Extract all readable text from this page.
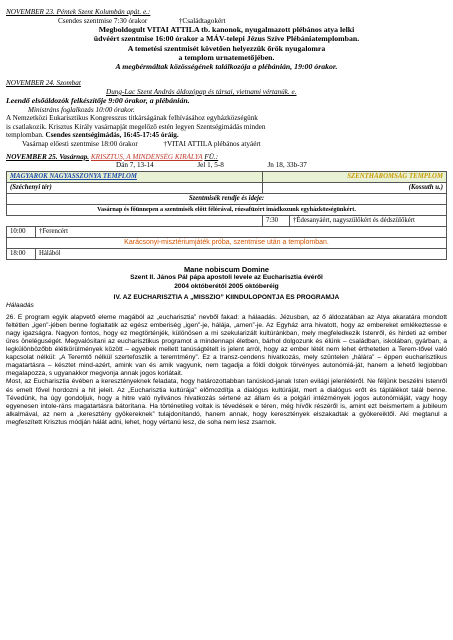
NOVEMBER 23. Péntek Szent Kolumbán apát. e.:
Csendes szentmise 7:30 órakor	†Családtagokért
Megboldogult VITAI ATTILA tb. kanonok, nyugalmazott plébános atya lelki
üdvéért szentmise 16:00 órakor a MÁV-telepi Jézus Szíve Plébániatemplomban.
A temetési szentmisét követően helyezzük őrök nyugalomra
a templom urnatemetőjében.
A megbérmáltak közösségének találkozója a plébánián, 19:00 órakor.
NOVEMBER 24. Szombat
Dung-Lac Szent András áldozópap és társai, vietnami vértanúk. e.
Leendő elsőáldozók felkészítője 9:00 órakor, a plébánián.
Ministráns foglalkozás 10:00 órakor.
A Nemzetközi Eukarisztikus Kongresszus titkárságának felhívásához egyházközségünk
is csatlakozik. Krisztus Király vasárnapját megelőző estén legyen Szentségimádás minden
templomban. Csendes szentségimádás, 16:45-17:45 óráig.
Vasárnap előesti szentmise 18:00 órakor	†VITAI ATTILA plébános atyáért
NOVEMBER 25. Vasárnap. KRISZTUS, A MINDENSÉG KIRÁLYA FÜ.:
Dán 7, 13-14	Jel 1, 5-8	Jn 18, 33b-37
MAGYAROK NAGYASSZONYA TEMPLOM		SZENTHÁROMSÁG TEMPLOM	
(Széchenyi tér)		(Kossuth u.)	
Szentmisék rendje és ideje:			
Vasárnap és főünnepen a szentmisék előtt félórával, rózsafüzért imádkozunk egyházközségünkért.			
		7:30	†Édesanyáért, nagyszülőkért és dédszülőkért
10:00	†Ferencért		
Karácsonyi-misztériumjáték próba, szentmise után a templomban.			
18:00	Hálából		
Mane nobiscum Domine
Szent II. János Pál pápa apostoli levele az Eucharisztia évéről
2004 októberétől 2005 októberéig
IV. AZ EUCHARISZTIA A „MISSZIÓ” KIINDULÓPONTJA ÉS PROGRAMJA
Hálaadás
26. E program egyik alapvető eleme magából az „eucharisztia” nevből fakad: a hálaadás. Jézusban, az ő áldozatában az Atya akaratára mondott feltétlen „igen”-jében benne foglaltatik az egész emberiség „igen”-je, hálája, „amen”-je. Az Egyház arra hivatott, hogy az embereket emlékeztesse e nagy igazságra. Nagyon fontos, hogy ez megtörténjék, különösen a mi szekularizált kultúránkban, mely megfeledkezik Istenről, és hirdeti az ember üres öneléguségét. Megvalósítani az eucharisztikus programot a mindennapi életben, bárhol dolgozunk és élünk – családban, iskolában, gyárban, a legkülönbözőbb élétkörülmények között – egyebek mellett tanúságtételt is jelent arról, hogy az ember létét nem lehet érthetetlen a Terem-tővel való kapcsolat nélkül: „A Teremtő nélkül szertefoszlik a teremtmény”. Ez a transz-cendens hivatkozás, mely szüntelen „hálára” – éppen eucharisztikus magatartásra – késztet mind-azért, amink van és amik vagyunk, nem tagadja a földi dolgok törvényes autonómiá-ját, hanem a lehető legjobban megalapozza, s ugyanakkor megvonja annak jogos korlátait.
Most, az Eucharisztia évében a keresztényeknek feladata, hogy határozottabban tanúskod-janak Isten evilági jelenlétéről. Ne féljünk beszélni Istenről és emelt fővel hordozni a hit jeleit. Az „Eucharisztia kultúrája” előmozdítja a dialógus kultúráját, mert a dialógus erőt és táplálékot talál benne. Tévedünk, ha úgy gondoljuk, hogy a hitre való nyilvános hivatkozás sértené az állam és a polgári intézmények jogos autonómiáját, vagy hogy egyenesen intole-ráns magatartásra bátorítana. Ha történetileg voltak is tévedések e téren, még hívők részéről is, amint ezt beismertem a jubileum alkalmával, az nem a „keresztény gyökereknek” tulajdonítandó, hanem annak, hogy keresztények elszakadtak a gyökereiktől. Aki megtanul a megfeszített Krisztus módján hálát adni, lehet, hogy vértanú lesz, de soha nem lesz zsarnok.
